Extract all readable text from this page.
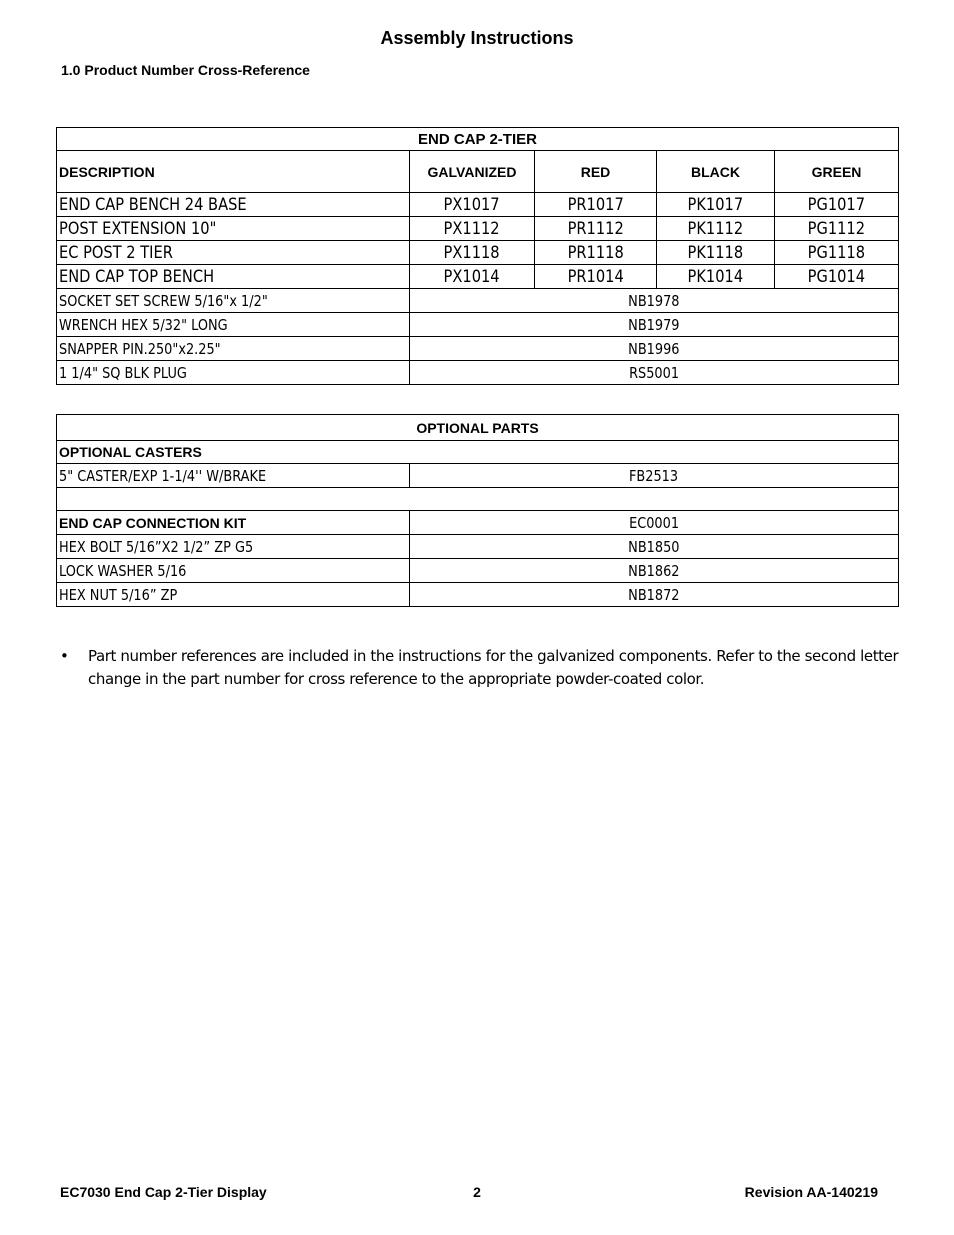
Assembly Instructions
1.0 Product Number Cross-Reference
END CAP 2-TIER				
DESCRIPTION	GALVANIZED	RED	BLACK	GREEN
END CAP BENCH 24 BASE	PX1017	PR1017	PK1017	PG1017
POST EXTENSION 10"	PX1112	PR1112	PK1112	PG1112
EC POST 2 TIER	PX1118	PR1118	PK1118	PG1118
END CAP TOP BENCH	PX1014	PR1014	PK1014	PG1014
SOCKET SET SCREW 5/16"x 1/2"	NB1978			
WRENCH HEX 5/32" LONG	NB1979			
SNAPPER PIN.250"x2.25"	NB1996			
1 1/4" SQ BLK PLUG	RS5001			
OPTIONAL PARTS	
OPTIONAL CASTERS	
5" CASTER/EXP 1-1/4'' W/BRAKE	FB2513

END CAP CONNECTION KIT	EC0001
HEX BOLT 5/16”X2 1/2” ZP G5	NB1850
LOCK WASHER 5/16	NB1862
HEX NUT 5/16” ZP	NB1872
• Part number references are included in the instructions for the galvanized components. Refer to the second letter change in the part number for cross reference to the appropriate powder-coated color.
EC7030 End Cap 2-Tier Display	2	Revision AA-140219
